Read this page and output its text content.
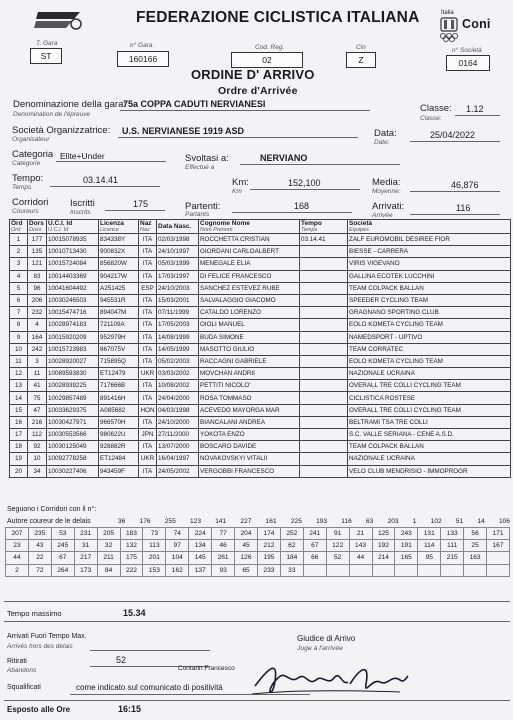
FEDERAZIONE CICLISTICA ITALIANA	Italia
Coni
T. Gara
ST
n° Gara
160166
Cod. Reg.
02
Cin
Z
n° Società
0164
ORDINE D' ARRIVO
Ordre d'Arrivée
Denominazione della gara:
Denomination de l'épreuve
75a COPPA CADUTI NERVIANESI	Classe:
Classe:
1.12
Società Organizzatrice:
Organisateur
U.S. NERVIANESE 1919 ASD	Data:
Date:
25/04/2022
Categoria
Categorie
Elite+Under	Svoltasi a:
Effectué a
NERVIANO
Tempo:
Temps
03.14.41	Km:
Km
152,100	Media:
Moyenne:
46,876
Corridori
Coureurs
Iscritti
Inscrits
175	Partenti:
Partants
168	Arrivati:
Arrivée
116
Ord
Ord	Dors
Doss	U.C.I. Id
U.C.I. Id	Licenza
Licence	Naz
Naz	Data Nasc.	Cognome Nome
Nom Prenom	Tempo
Temps	Società
Equipes

1	177	10015078935	834338Y	ITA	02/03/1998	ROCCHETTA CRISTIAN	03.14.41	ZALF EUROMOBIL DESIREE FIOR
2	135	10010713430	900832X	ITA	24/10/1997	GIORDANI CARLOALBERT		BIESSE - CARRERA
3	121	10015724084	856820W	ITA	05/03/1999	MENEGALE ELIA		VIRIS VIGEVANO
4	83	10014403369	904217W	ITA	17/03/1997	DI FELICE FRANCESCO		GALLINA ECOTEK LUCCHINI
5	96	10041604492	A251425	ESP	24/10/2003	SANCHEZ ESTEVEZ RUBE		TEAM COLPACK BALLAN
6	206	10030246503	945531R	ITA	15/03/2001	SALVALAGGIO GIACOMO		SPEEDER CYCLING TEAM
7	232	10015474716	894047M	ITA	07/11/1999	CATALDO LORENZO		GRAGNANO SPORTING CLUB
8	4	10028974183	721109A	ITA	17/05/2003	OIOLI MANUEL		EOLO KOMETA CYCLING TEAM
9	164	10015920209	952979H	ITA	14/08/1999	BUDA SIMONE		NAMEDSPORT - UPTIVO
10	242	10015723983	867075V	ITA	14/05/1999	MASOTTO GIULIO		TEAM CORRATEC
11	3	10028920027	715895Q	ITA	05/02/2003	RACCAGNI GABRIELE		EOLO KOMETA CYCLING TEAM
12	11	10089593830	ET12479	UKR	03/03/2002	MOVCHAN ANDRII		NAZIONALE UCRAINA
13	41	10028939225	717666B	ITA	10/08/2002	PETTITI NICOLO'		OVERALL TRE COLLI CYCLING TEAM
14	75	10029857489	891416H	ITA	24/04/2000	ROSA TOMMASO		CICLISTICA ROSTESE
15	47	10033629375	A085682	HON	04/03/1998	ACEVEDO MAYORGA MAR		OVERALL TRE COLLI CYCLING TEAM
16	216	10030427971	966570H	ITA	24/10/2000	BIANCALANI ANDREA		BELTRAMI TSA TRE COLLI
17	112	10030553566	980622U	JPN	27/11/2000	YOKOTA ENZO		S.C. VALLE SERIANA - CENE A.S.D.
18	92	10030125049	928882R	ITA	13/07/2000	BOSCARO DAVIDE		TEAM COLPACK BALLAN
19	10	10092778258	ET12484	UKR	16/04/1997	NOVAKOVSKYI VITALII		NAZIONALE UCRAINA
20	34	10030227406	943459F	ITA	24/05/2002	VERGOBBI FRANCESCO		VELO CLUB MENDRISIO - IMMOPROGR
Seguono i Corridori con il n°:
Autore coureur de le delais	36 176 255 123 141 227 161 225 193 116 63 203 1 102 51 14 106
207	235	53	231	205	183	73	74	224	77	204	174	252	241	91	21	125	243	131	133	56	171
23	43	245	31	32	132	113	97	134	46	45	212	62	67	122	143	192	191	114	111	25	167
44	22	67	217	211	175	201	104	145	261	126	195	184	66	52	44	214	165	95	215	163	
2	72	264	173	84	222	153	162	137	93	65	233	33									
Tempo massimo	15.34
Arrivati Fuori Tempo Max.
Arrivés hors des delais
Ritirati
Abandons
52
Squalificati	come indicato sul comunicato di positività
Esposto alle Ore	16:15
Giudice di Arrivo
Juge à l'arrivée
Contarin Francesco
